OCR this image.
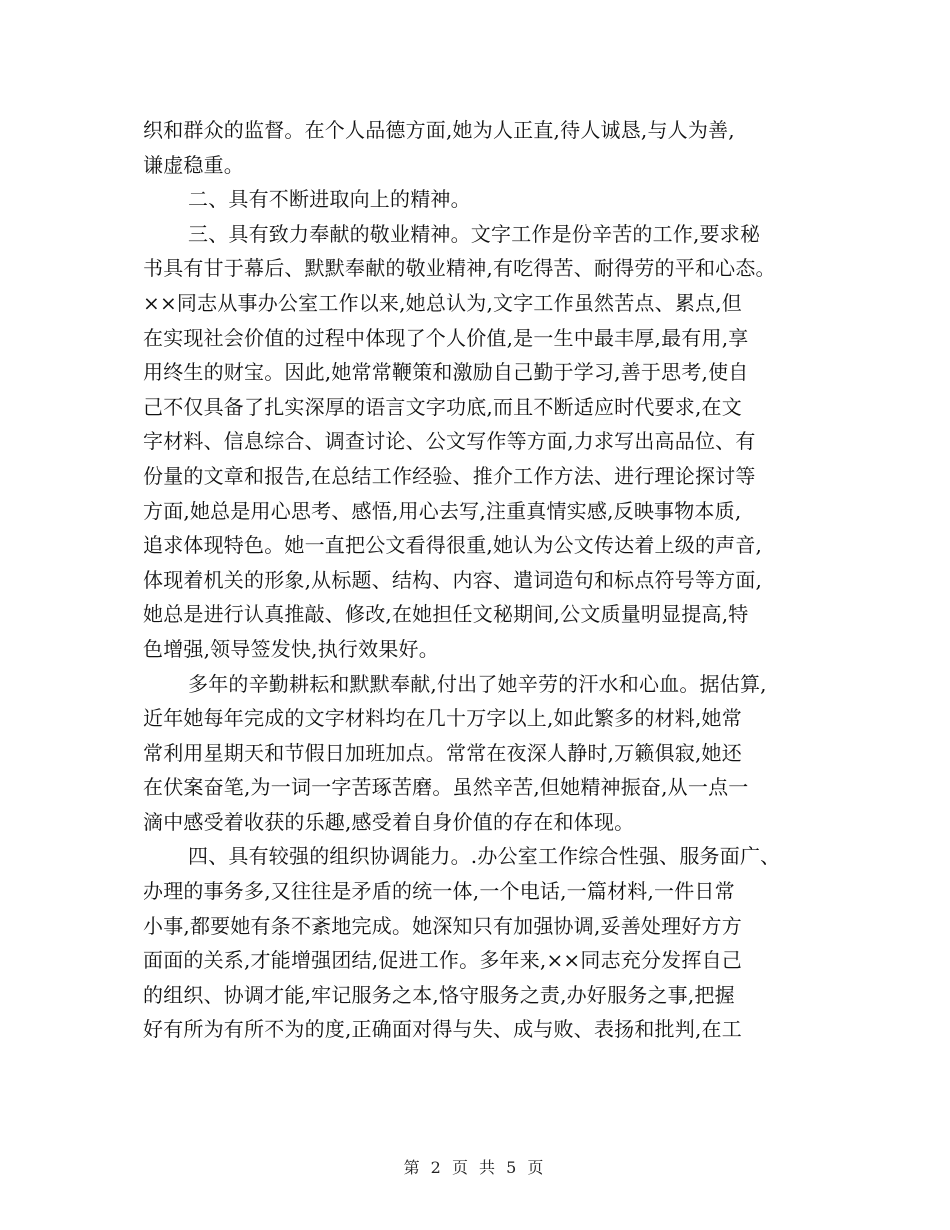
织和群众的监督。在个人品德方面,她为人正直,待人诚恳,与人为善,
谦虚稳重。
二、具有不断进取向上的精神。
三、具有致力奉献的敬业精神。文字工作是份辛苦的工作,要求秘
书具有甘于幕后、默默奉献的敬业精神,有吃得苦、耐得劳的平和心态。
××同志从事办公室工作以来,她总认为,文字工作虽然苦点、累点,但
在实现社会价值的过程中体现了个人价值,是一生中最丰厚,最有用,享
用终生的财宝。因此,她常常鞭策和激励自己勤于学习,善于思考,使自
己不仅具备了扎实深厚的语言文字功底,而且不断适应时代要求,在文
字材料、信息综合、调查讨论、公文写作等方面,力求写出高品位、有
份量的文章和报告,在总结工作经验、推介工作方法、进行理论探讨等
方面,她总是用心思考、感悟,用心去写,注重真情实感,反映事物本质,
追求体现特色。她一直把公文看得很重,她认为公文传达着上级的声音,
体现着机关的形象,从标题、结构、内容、遣词造句和标点符号等方面,
她总是进行认真推敲、修改,在她担任文秘期间,公文质量明显提高,特
色增强,领导签发快,执行效果好。
多年的辛勤耕耘和默默奉献,付出了她辛劳的汗水和心血。据估算,
近年她每年完成的文字材料均在几十万字以上,如此繁多的材料,她常
常利用星期天和节假日加班加点。常常在夜深人静时,万籁俱寂,她还
在伏案奋笔,为一词一字苦琢苦磨。虽然辛苦,但她精神振奋,从一点一
滴中感受着收获的乐趣,感受着自身价值的存在和体现。
四、具有较强的组织协调能力。.办公室工作综合性强、服务面广、
办理的事务多,又往往是矛盾的统一体,一个电话,一篇材料,一件日常
小事,都要她有条不紊地完成。她深知只有加强协调,妥善处理好方方
面面的关系,才能增强团结,促进工作。多年来,××同志充分发挥自己
的组织、协调才能,牢记服务之本,恪守服务之责,办好服务之事,把握
好有所为有所不为的度,正确面对得与失、成与败、表扬和批判,在工
第 2 页 共 5 页
